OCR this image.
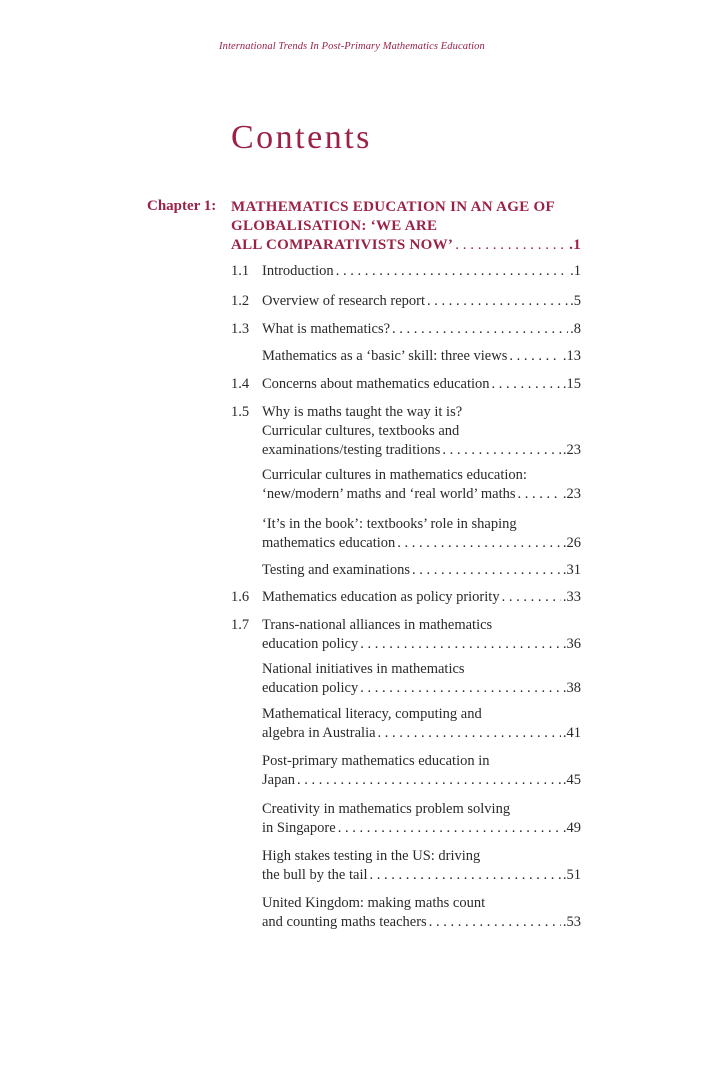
International Trends In Post-Primary Mathematics Education
Contents
Chapter 1: MATHEMATICS EDUCATION IN AN AGE OF
GLOBALISATION: ‘WE ARE
ALL COMPARATIVISTS NOW’ . . .	.1
1.1 Introduction . . .	.1
1.2 Overview of research report . . .	.5
1.3 What is mathematics? . . .	.8
Mathematics as a ‘basic’ skill: three views . . .	.13
1.4 Concerns about mathematics education . . .	.15
1.5 Why is maths taught the way it is?
Curricular cultures, textbooks and
examinations/testing traditions . . .	.23
Curricular cultures in mathematics education:
‘new/modern’ maths and ‘real world’ maths . . .	.23
‘It’s in the book’: textbooks’ role in shaping
mathematics education . . .	.26
Testing and examinations . . .	.31
1.6 Mathematics education as policy priority . . .	.33
1.7 Trans-national alliances in mathematics
education policy . . .	.36
National initiatives in mathematics
education policy . . .	.38
Mathematical literacy, computing and
algebra in Australia . . .	.41
Post-primary mathematics education in
Japan . . .	.45
Creativity in mathematics problem solving
in Singapore . . .	.49
High stakes testing in the US: driving
the bull by the tail . . .	.51
United Kingdom: making maths count
and counting maths teachers . . .	.53
